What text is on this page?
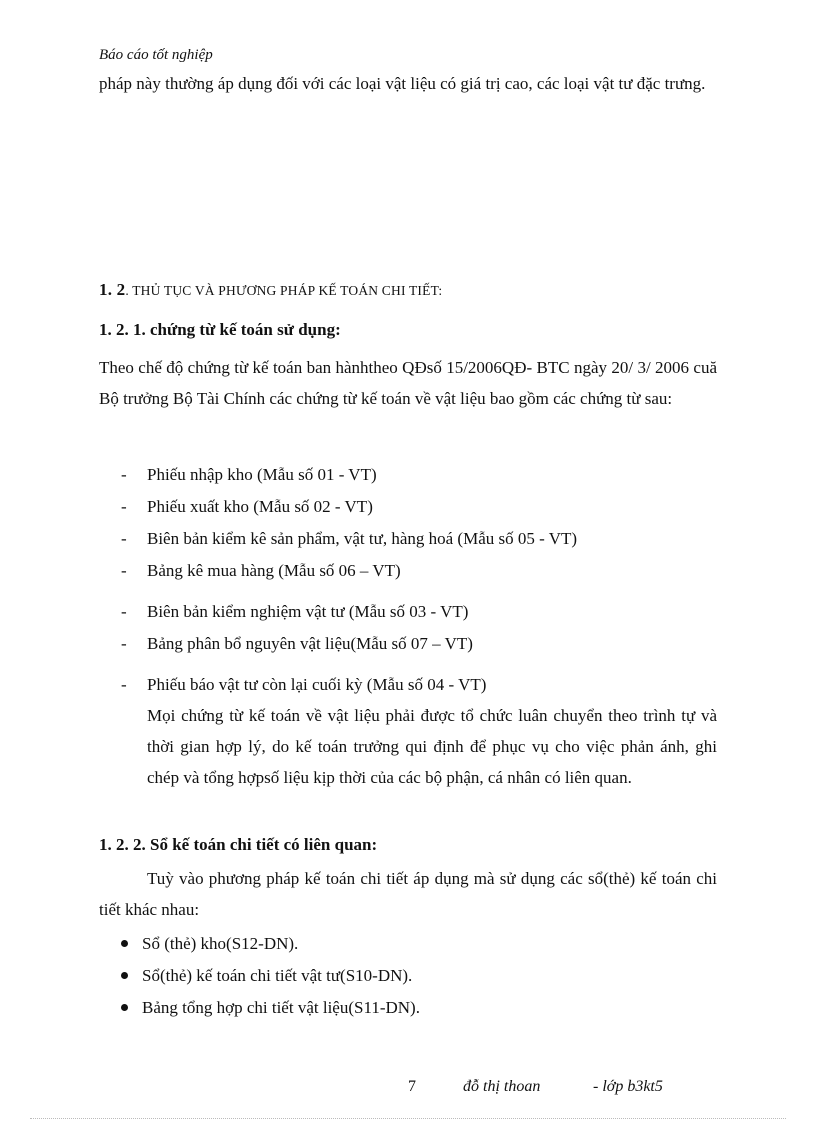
Báo cáo tốt nghiệp
pháp này thường áp dụng đối với các loại vật liệu có giá trị cao, các loại vật tư đặc trưng.
1. 2. THỦ TỤC VÀ PHƯƠNG PHÁP KẾ TOÁN CHI TIẾT:
1. 2. 1. chứng từ kế toán sử dụng:
Theo chế độ chứng từ kế toán ban hànhtheo QĐsố 15/2006QĐ- BTC ngày 20/ 3/ 2006 cuă Bộ trưởng Bộ Tài Chính các chứng từ kế toán về vật liệu bao gồm các chứng từ sau:
- Phiếu nhập kho (Mẫu số 01 - VT)
- Phiếu xuất kho (Mẫu số 02 - VT)
- Biên bản kiểm kê sản phẩm, vật tư, hàng hoá (Mẫu số 05 - VT)
- Bảng kê mua hàng (Mẫu số 06 – VT)
- Biên bản kiểm nghiệm vật tư (Mẫu số 03 - VT)
- Bảng phân bổ nguyên vật liệu(Mẫu số 07 – VT)
- Phiếu báo vật tư còn lại cuối kỳ (Mẫu số 04 - VT)
Mọi chứng từ kế toán về vật liệu phải được tổ chức luân chuyển theo trình tự và thời gian hợp lý, do kế toán trưởng qui định để phục vụ cho việc phản ánh, ghi chép và tổng hợpsố liệu kịp thời của các bộ phận, cá nhân có liên quan.
1. 2. 2. Sổ kế toán chi tiết có liên quan:
Tuỳ vào phương pháp kế toán chi tiết áp dụng mà sử dụng các sổ(thẻ) kế toán chi tiết khác nhau:
Sổ (thẻ) kho(S12-DN).
Sổ(thẻ) kế toán chi tiết vật tư(S10-DN).
Bảng tổng hợp chi tiết vật liệu(S11-DN).
7	đỗ thị thoan	- lớp b3kt5
